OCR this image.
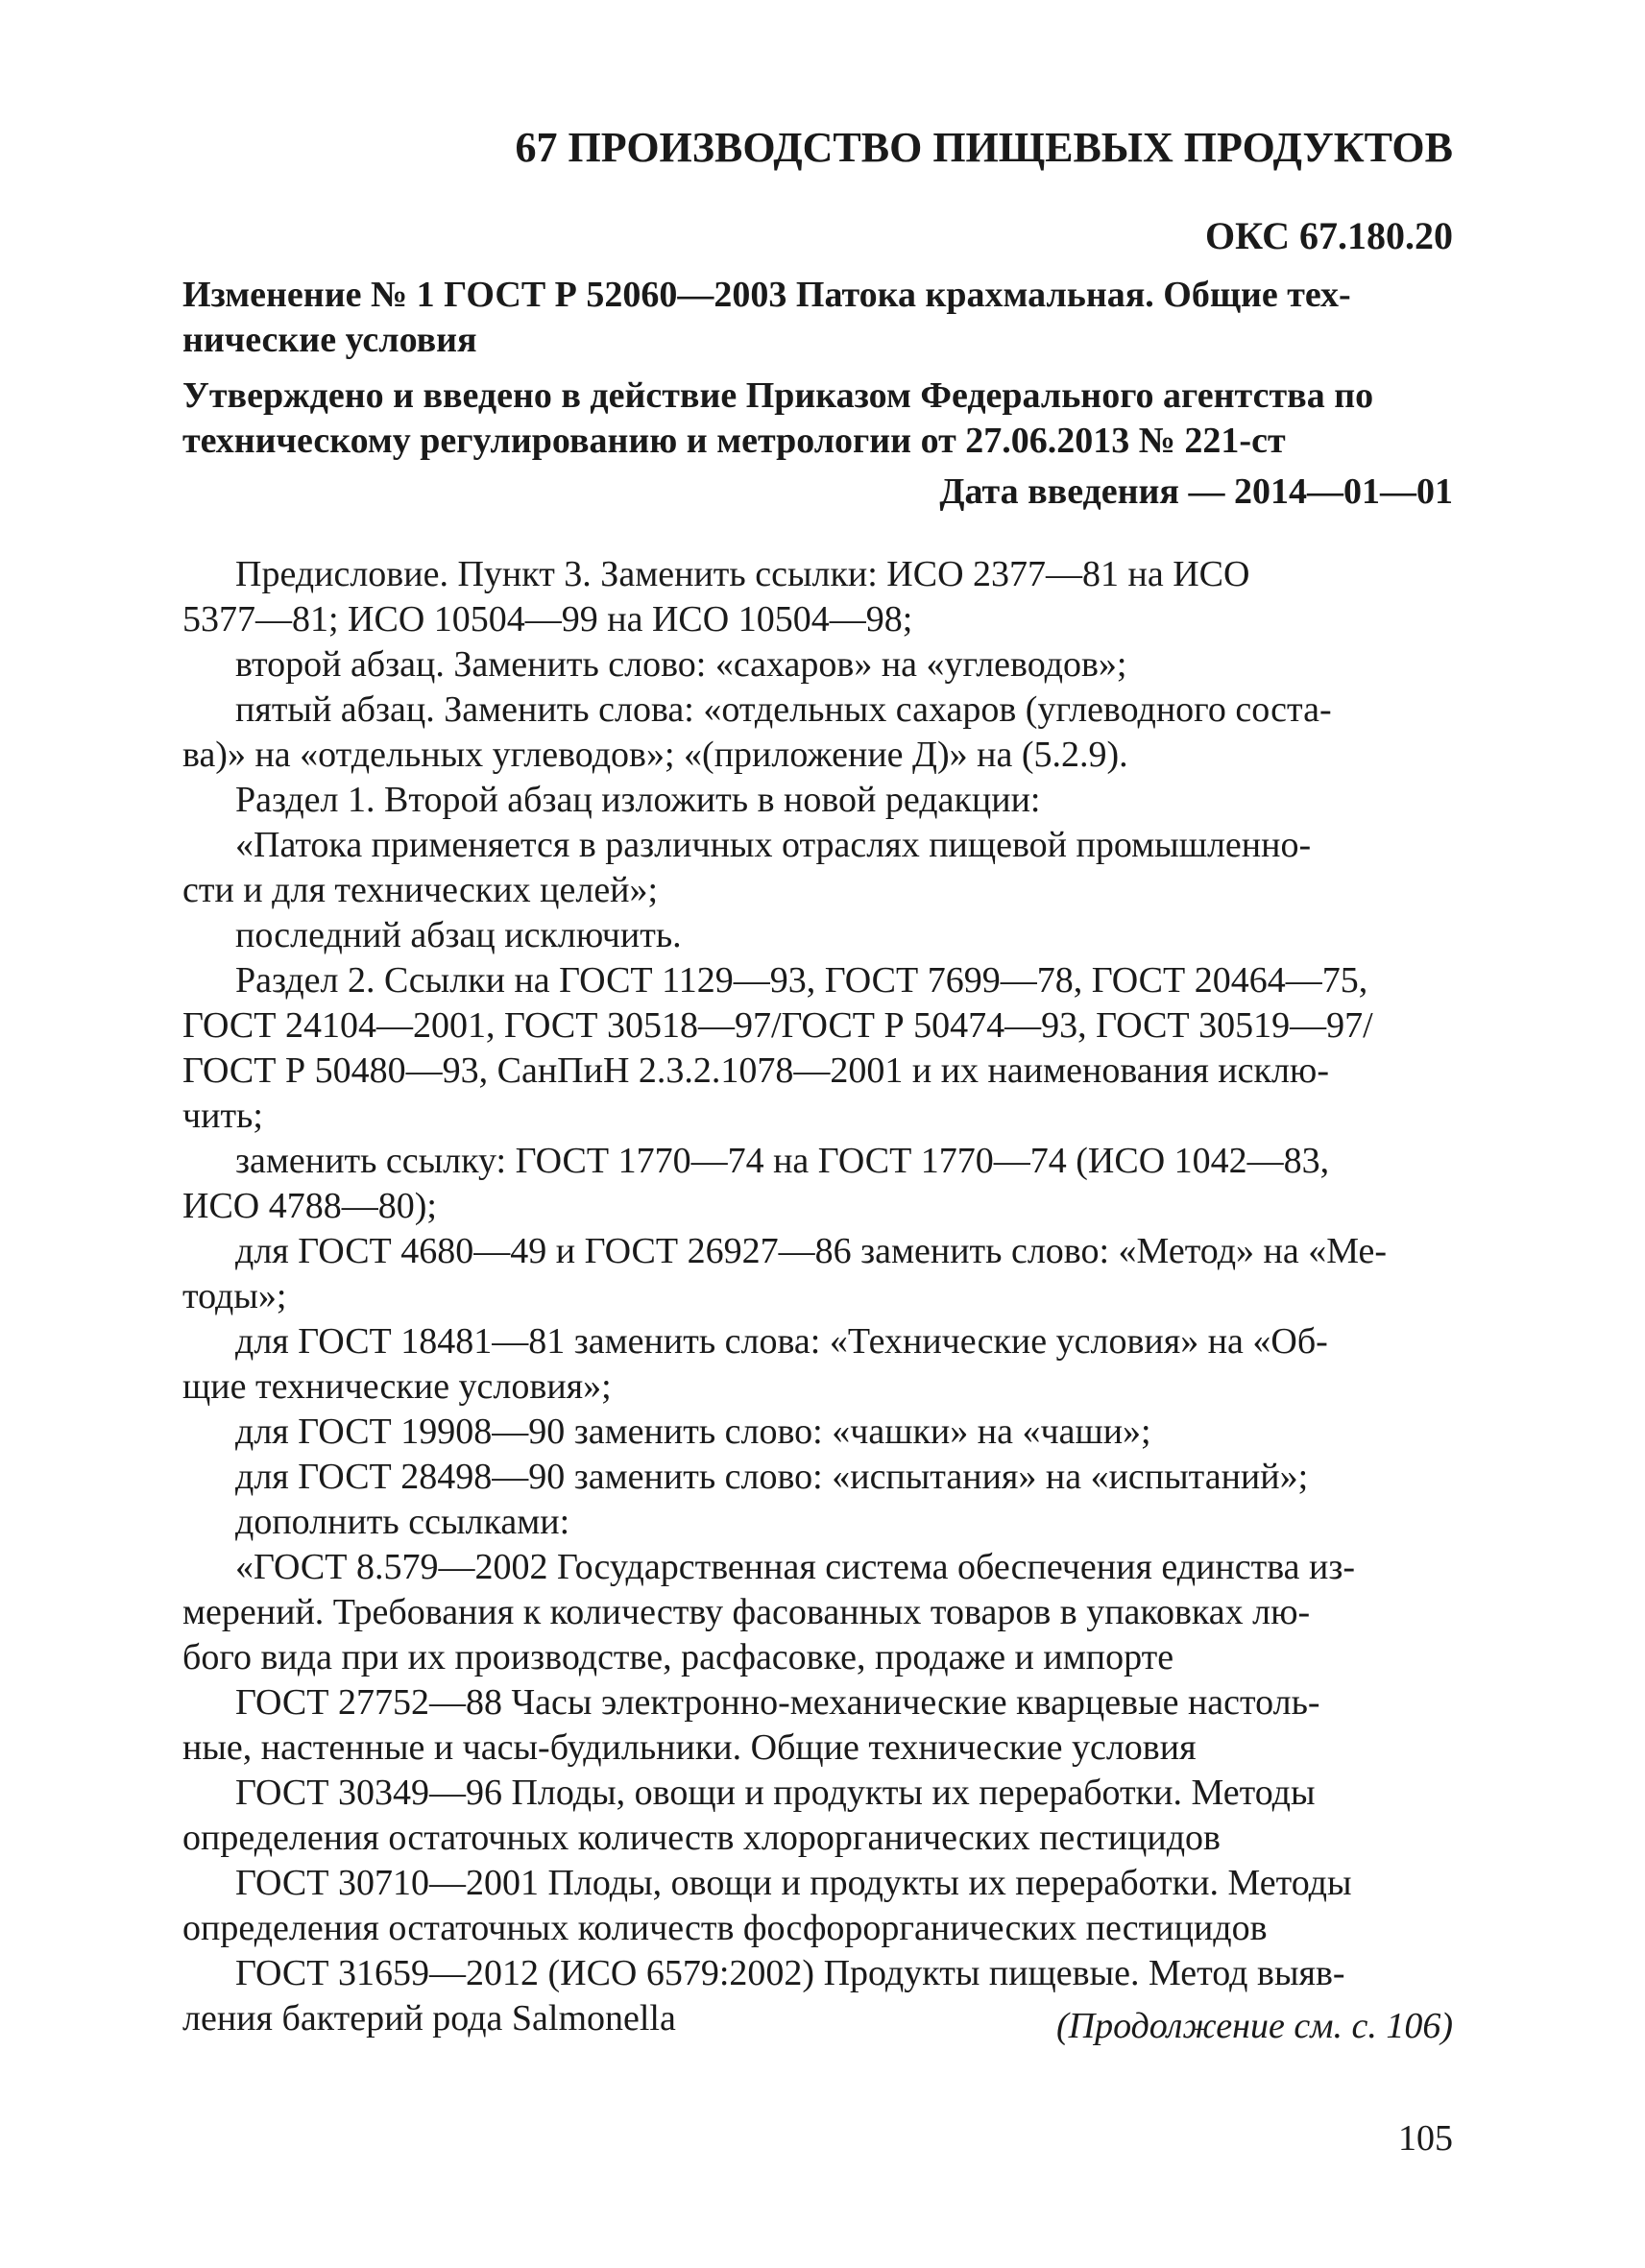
67 ПРОИЗВОДСТВО ПИЩЕВЫХ ПРОДУКТОВ
ОКС 67.180.20
Изменение № 1 ГОСТ Р 52060—2003 Патока крахмальная. Общие тех-
нические условия
Утверждено и введено в действие Приказом Федерального агентства по
техническому регулированию и метрологии от 27.06.2013 № 221-ст
Дата введения — 2014—01—01
Предисловие. Пункт 3. Заменить ссылки: ИСО 2377—81 на ИСО
5377—81; ИСО 10504—99 на ИСО 10504—98;
второй абзац. Заменить слово: «сахаров» на «углеводов»;
пятый абзац. Заменить слова: «отдельных сахаров (углеводного соста-
ва)» на «отдельных углеводов»; «(приложение Д)» на (5.2.9).
Раздел 1. Второй абзац изложить в новой редакции:
«Патока применяется в различных отраслях пищевой промышленно-
сти и для технических целей»;
последний абзац исключить.
Раздел 2. Ссылки на ГОСТ 1129—93, ГОСТ 7699—78, ГОСТ 20464—75,
ГОСТ 24104—2001, ГОСТ 30518—97/ГОСТ Р 50474—93, ГОСТ 30519—97/
ГОСТ Р 50480—93, СанПиН 2.3.2.1078—2001 и их наименования исклю-
чить;
заменить ссылку: ГОСТ 1770—74 на ГОСТ 1770—74 (ИСО 1042—83,
ИСО 4788—80);
для ГОСТ 4680—49 и ГОСТ 26927—86 заменить слово: «Метод» на «Ме-
тоды»;
для ГОСТ 18481—81 заменить слова: «Технические условия» на «Об-
щие технические условия»;
для ГОСТ 19908—90 заменить слово: «чашки» на «чаши»;
для ГОСТ 28498—90 заменить слово: «испытания» на «испытаний»;
дополнить ссылками:
«ГОСТ 8.579—2002 Государственная система обеспечения единства из-
мерений. Требования к количеству фасованных товаров в упаковках лю-
бого вида при их производстве, расфасовке, продаже и импорте
ГОСТ 27752—88 Часы электронно-механические кварцевые настоль-
ные, настенные и часы-будильники. Общие технические условия
ГОСТ 30349—96 Плоды, овощи и продукты их переработки. Методы
определения остаточных количеств хлорорганических пестицидов
ГОСТ 30710—2001 Плоды, овощи и продукты их переработки. Методы
определения остаточных количеств фосфорорганических пестицидов
ГОСТ 31659—2012 (ИСО 6579:2002) Продукты пищевые. Метод выяв-
ления бактерий рода Salmonella	(Продолжение см. с. 106)
105
